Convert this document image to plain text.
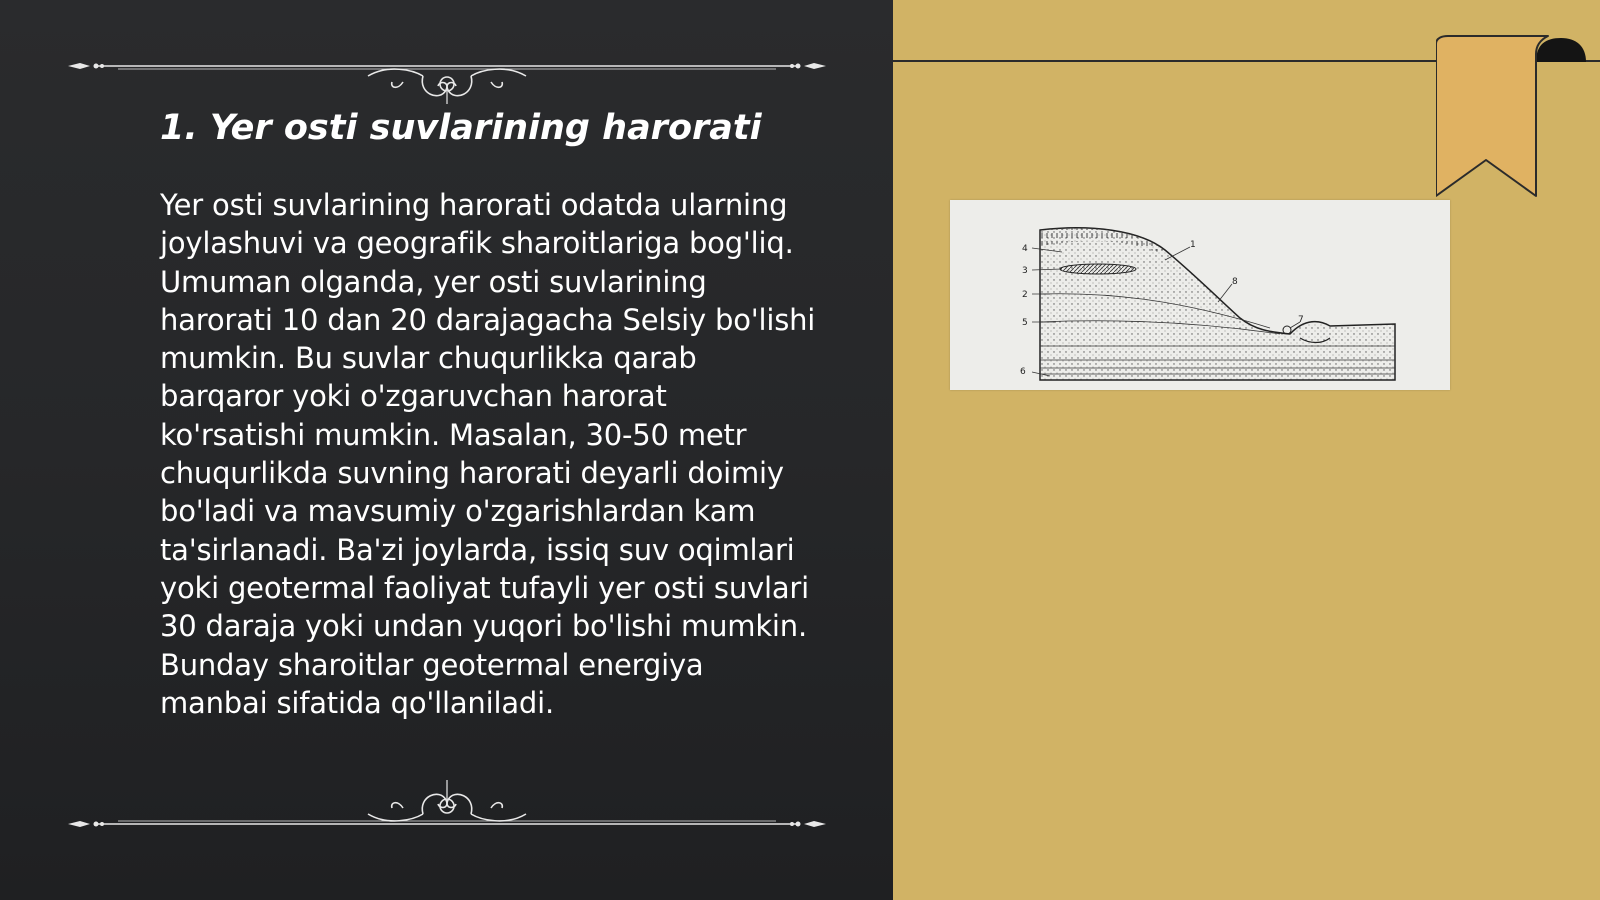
1. Yer osti suvlarining harorati
Yer osti suvlarining harorati odatda ularning
joylashuvi va geografik sharoitlariga bog'liq.
Umuman olganda, yer osti suvlarining
harorati 10 dan 20 darajagacha Selsiy bo'lishi
mumkin. Bu suvlar chuqurlikka qarab
barqaror yoki o'zgaruvchan harorat
ko'rsatishi mumkin. Masalan, 30-50 metr
chuqurlikda suvning harorati deyarli doimiy
bo'ladi va mavsumiy o'zgarishlardan kam
ta'sirlanadi. Ba'zi joylarda, issiq suv oqimlari
yoki geotermal faoliyat tufayli yer osti suvlari
30 daraja yoki undan yuqori bo'lishi mumkin.
Bunday sharoitlar geotermal energiya
manbai sifatida qo'llaniladi.
4
3
2
5
6
1
8
7
